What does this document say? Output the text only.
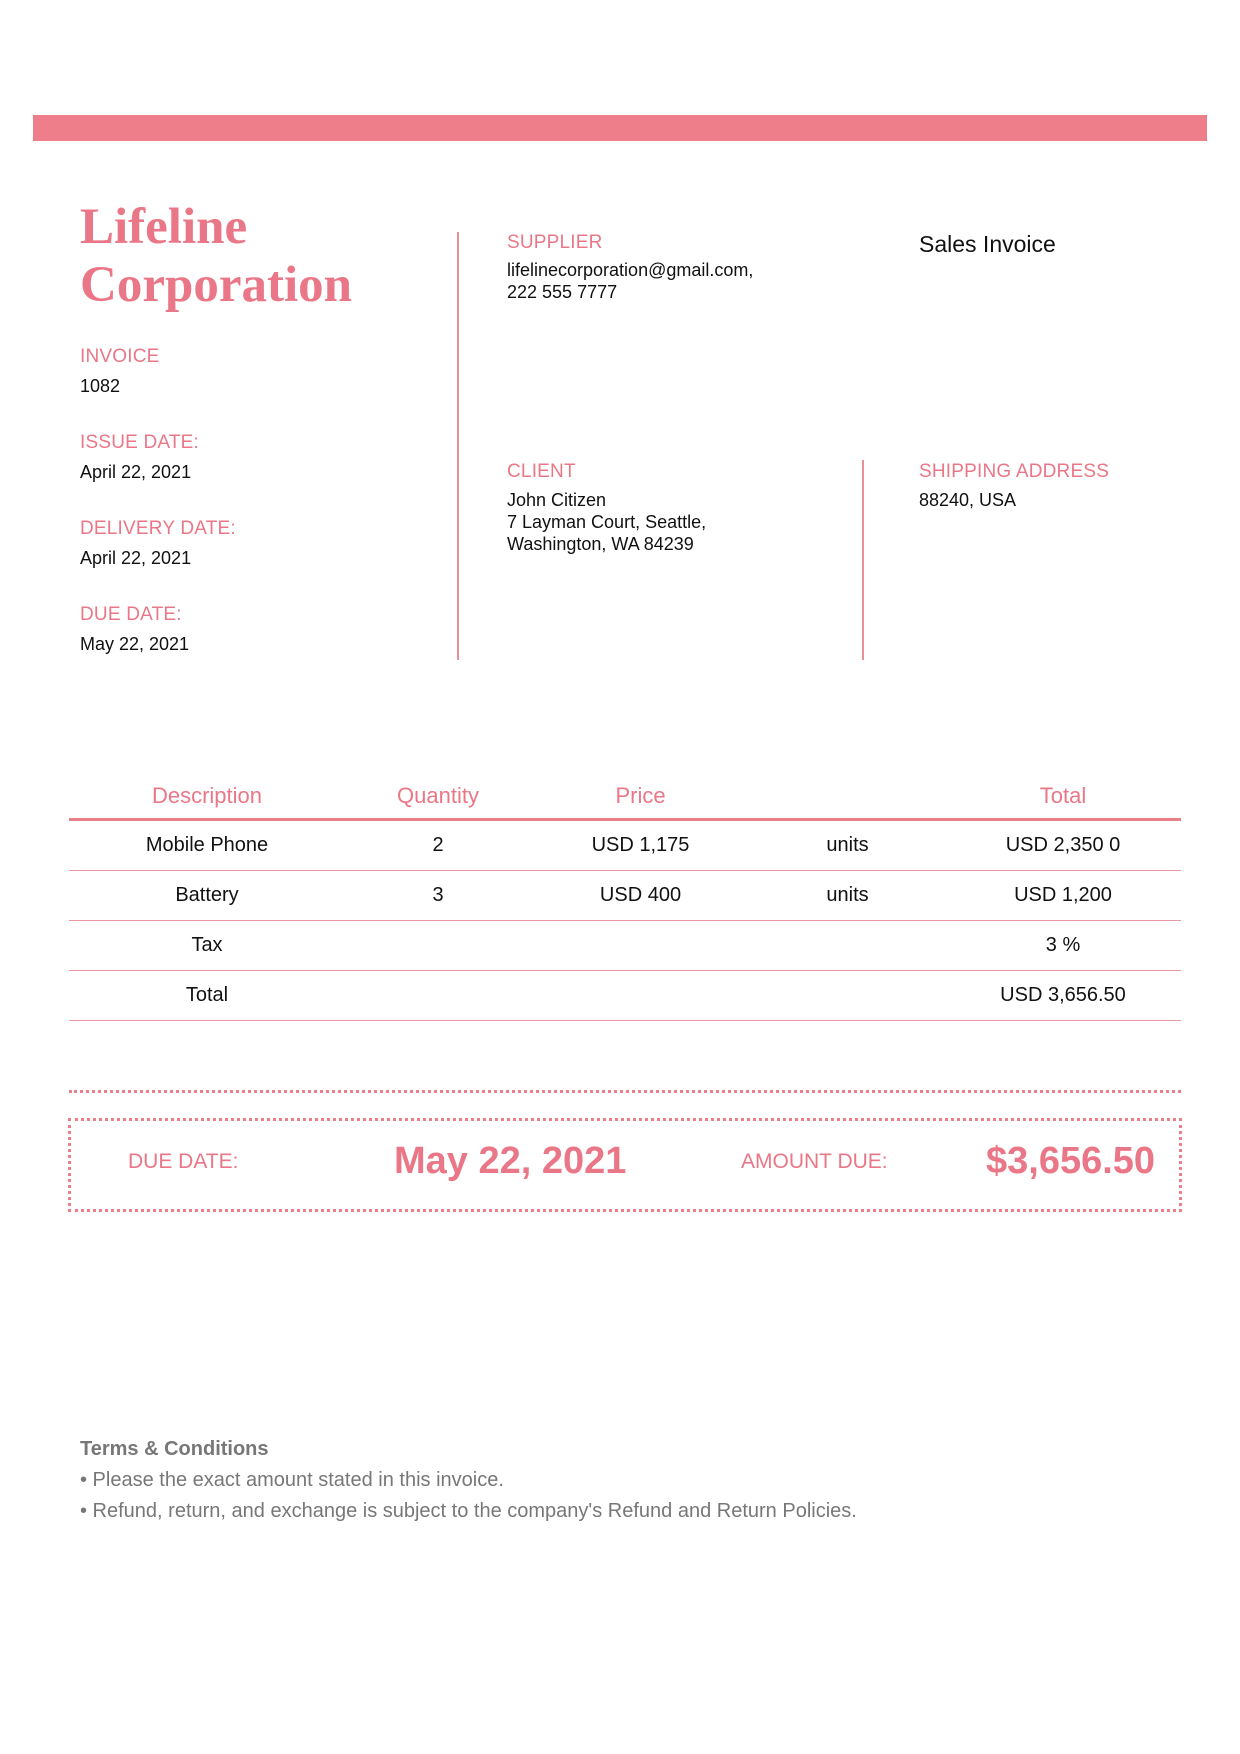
Lifeline
Corporation
INVOICE
1082
ISSUE DATE:
April 22, 2021
DELIVERY DATE:
April 22, 2021
DUE DATE:
May 22, 2021
SUPPLIER
lifelinecorporation@gmail.com,
222 555 7777
Sales Invoice
CLIENT
John Citizen
7 Layman Court, Seattle,
Washington, WA 84239
SHIPPING ADDRESS
88240, USA
Description	Quantity	Price		Total
Mobile Phone	2	USD 1,175	units	USD 2,350 0
Battery	3	USD 400	units	USD 1,200
Tax				3 %
Total				USD 3,656.50
DUE DATE:	May 22, 2021	AMOUNT DUE:	$3,656.50
Terms & Conditions
• Please the exact amount stated in this invoice.
• Refund, return, and exchange is subject to the company's Refund and Return Policies.
